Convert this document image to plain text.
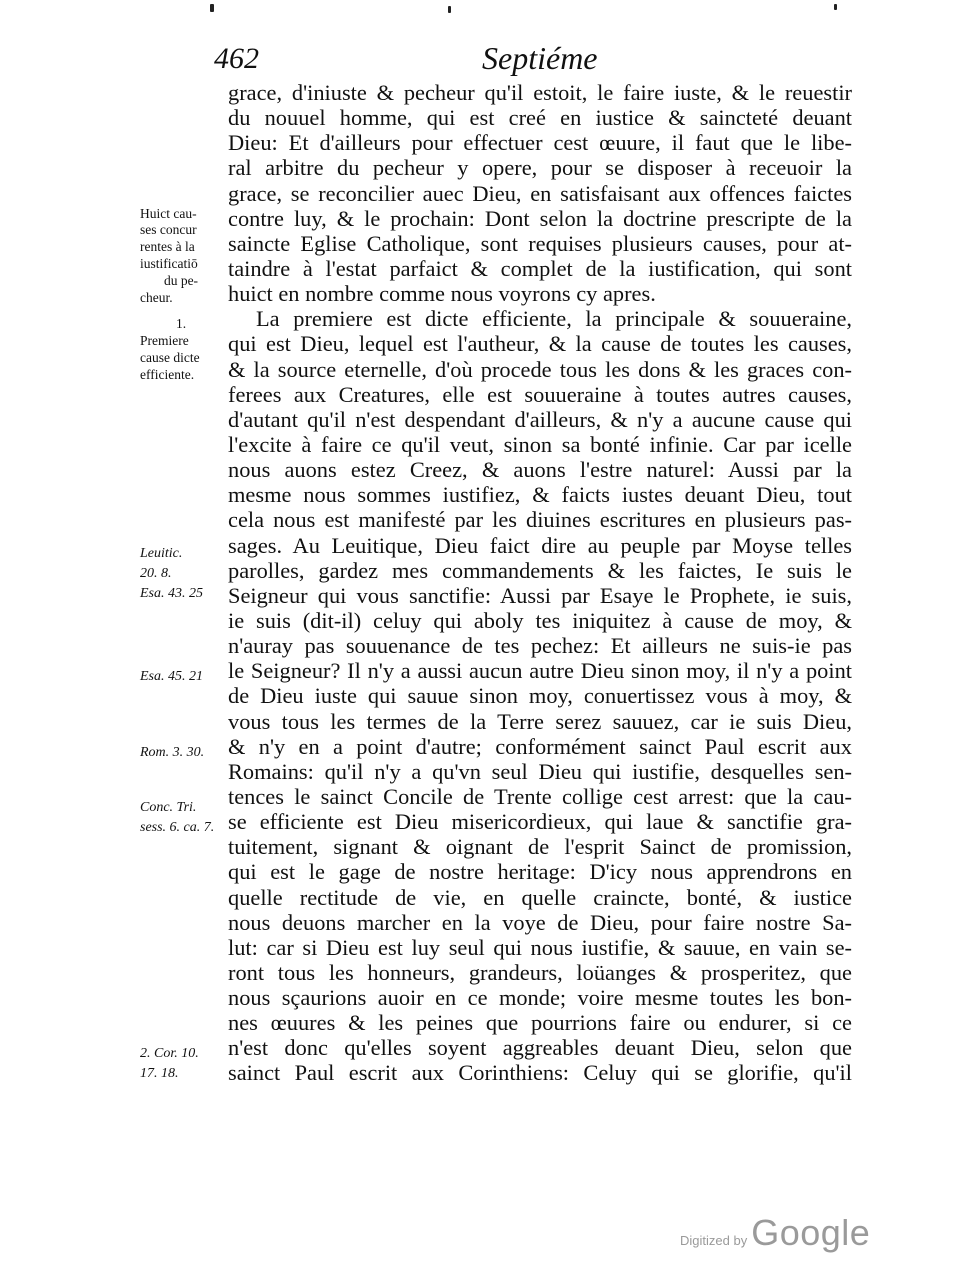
462	Septiéme
Huict cau-
ses concur
rentes à la
iustificatiō
du pe-
cheur.
1.
Premiere
cause dicte
efficiente.
Leuitic.
20. 8.
Esa. 43. 25
Esa. 45. 21
Rom. 3. 30.
Conc. Tri.
sess. 6. ca. 7.
2. Cor. 10.
17. 18.
grace, d'iniuste & pecheur qu'il estoit, le faire iuste, & le reuestir
du nouuel homme, qui est creé en iustice & saincteté deuant
Dieu: Et d'ailleurs pour effectuer cest œuure, il faut que le libe-
ral arbitre du pecheur y opere, pour se disposer à receuoir la
grace, se reconcilier auec Dieu, en satisfaisant aux offences faictes
contre luy, & le prochain: Dont selon la doctrine prescripte de la
saincte Eglise Catholique, sont requises plusieurs causes, pour at-
taindre à l'estat parfaict & complet de la iustification, qui sont
huict en nombre comme nous voyrons cy apres.
La premiere est dicte efficiente, la principale & souueraine,
qui est Dieu, lequel est l'autheur, & la cause de toutes les causes,
& la source eternelle, d'où procede tous les dons & les graces con-
ferees aux Creatures, elle est souueraine à toutes autres causes,
d'autant qu'il n'est despendant d'ailleurs, & n'y a aucune cause qui
l'excite à faire ce qu'il veut, sinon sa bonté infinie. Car par icelle
nous auons estez Creez, & auons l'estre naturel: Aussi par la
mesme nous sommes iustifiez, & faicts iustes deuant Dieu, tout
cela nous est manifesté par les diuines escritures en plusieurs pas-
sages. Au Leuitique, Dieu faict dire au peuple par Moyse telles
parolles, gardez mes commandements & les faictes, Ie suis le
Seigneur qui vous sanctifie: Aussi par Esaye le Prophete, ie suis,
ie suis (dit-il) celuy qui aboly tes iniquitez à cause de moy, &
n'auray pas souuenance de tes pechez: Et ailleurs ne suis-ie pas
le Seigneur? Il n'y a aussi aucun autre Dieu sinon moy, il n'y a point
de Dieu iuste qui sauue sinon moy, conuertissez vous à moy, &
vous tous les termes de la Terre serez sauuez, car ie suis Dieu,
& n'y en a point d'autre; conformément sainct Paul escrit aux
Romains: qu'il n'y a qu'vn seul Dieu qui iustifie, desquelles sen-
tences le sainct Concile de Trente collige cest arrest: que la cau-
se efficiente est Dieu misericordieux, qui laue & sanctifie gra-
tuitement, signant & oignant de l'esprit Sainct de promission,
qui est le gage de nostre heritage: D'icy nous apprendrons en
quelle rectitude de vie, en quelle craincte, bonté, & iustice
nous deuons marcher en la voye de Dieu, pour faire nostre Sa-
lut: car si Dieu est luy seul qui nous iustifie, & sauue, en vain se-
ront tous les honneurs, grandeurs, loüanges & prosperitez, que
nous sçaurions auoir en ce monde; voire mesme toutes les bon-
nes œuures & les peines que pourrions faire ou endurer, si ce
n'est donc qu'elles soyent aggreables deuant Dieu, selon que
sainct Paul escrit aux Corinthiens: Celuy qui se glorifie, qu'il
Digitized by Google
